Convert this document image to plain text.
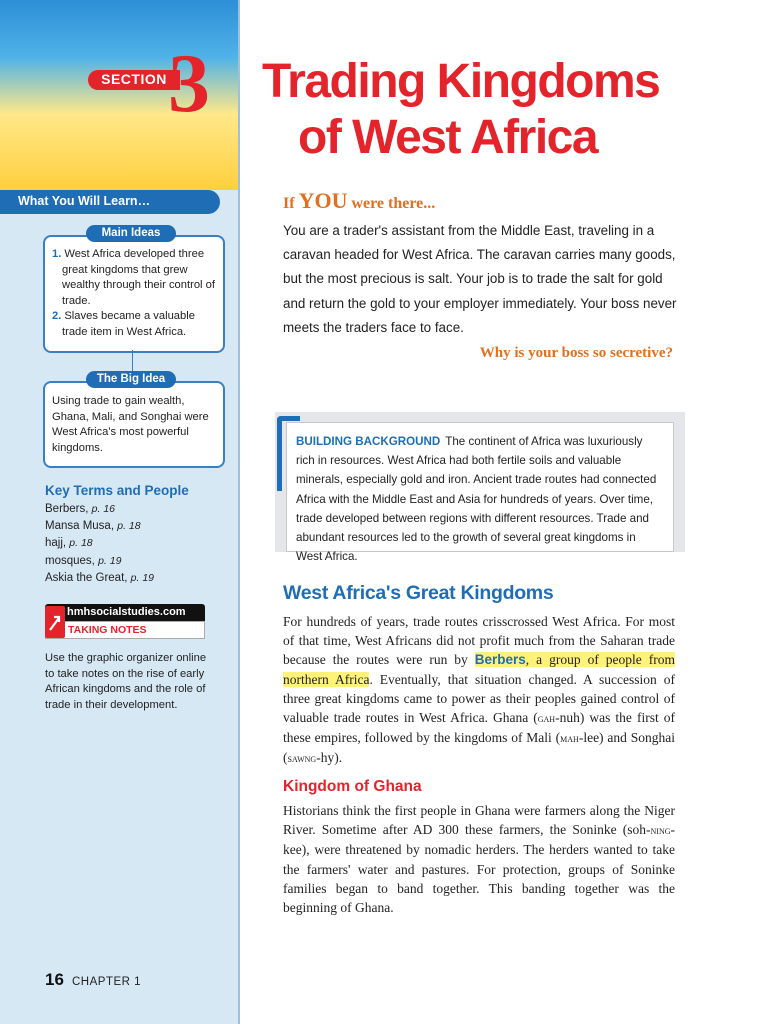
SECTION 3
What You Will Learn…
Main Ideas
1. West Africa developed three great kingdoms that grew wealthy through their control of trade.
2. Slaves became a valuable trade item in West Africa.
The Big Idea
Using trade to gain wealth, Ghana, Mali, and Songhai were West Africa's most powerful kingdoms.
Key Terms and People
Berbers, p. 16
Mansa Musa, p. 18
hajj, p. 18
mosques, p. 19
Askia the Great, p. 19
hmhsocialstudies.com
TAKING NOTES
Use the graphic organizer online to take notes on the rise of early African kingdoms and the role of trade in their development.
16 CHAPTER 1
Trading Kingdoms
of West Africa
If YOU were there...
You are a trader's assistant from the Middle East, traveling in a caravan headed for West Africa. The caravan carries many goods, but the most precious is salt. Your job is to trade the salt for gold and return the gold to your employer immediately. Your boss never meets the traders face to face.
Why is your boss so secretive?
BUILDING BACKGROUND The continent of Africa was luxuriously rich in resources. West Africa had both fertile soils and valuable minerals, especially gold and iron. Ancient trade routes had connected Africa with the Middle East and Asia for hundreds of years. Over time, trade developed between regions with different resources. Trade and abundant resources led to the growth of several great kingdoms in West Africa.
West Africa's Great Kingdoms
For hundreds of years, trade routes crisscrossed West Africa. For most of that time, West Africans did not profit much from the Saharan trade because the routes were run by Berbers, a group of people from northern Africa. Eventually, that situation changed. A succession of three great kingdoms came to power as their peoples gained control of valuable trade routes in West Africa. Ghana (gah-nuh) was the first of these empires, followed by the kingdoms of Mali (mah-lee) and Songhai (sawng-hy).
Kingdom of Ghana
Historians think the first people in Ghana were farmers along the Niger River. Sometime after AD 300 these farmers, the Soninke (soh-ning-kee), were threatened by nomadic herders. The herders wanted to take the farmers' water and pastures. For protection, groups of Soninke families began to band together. This banding together was the beginning of Ghana.
